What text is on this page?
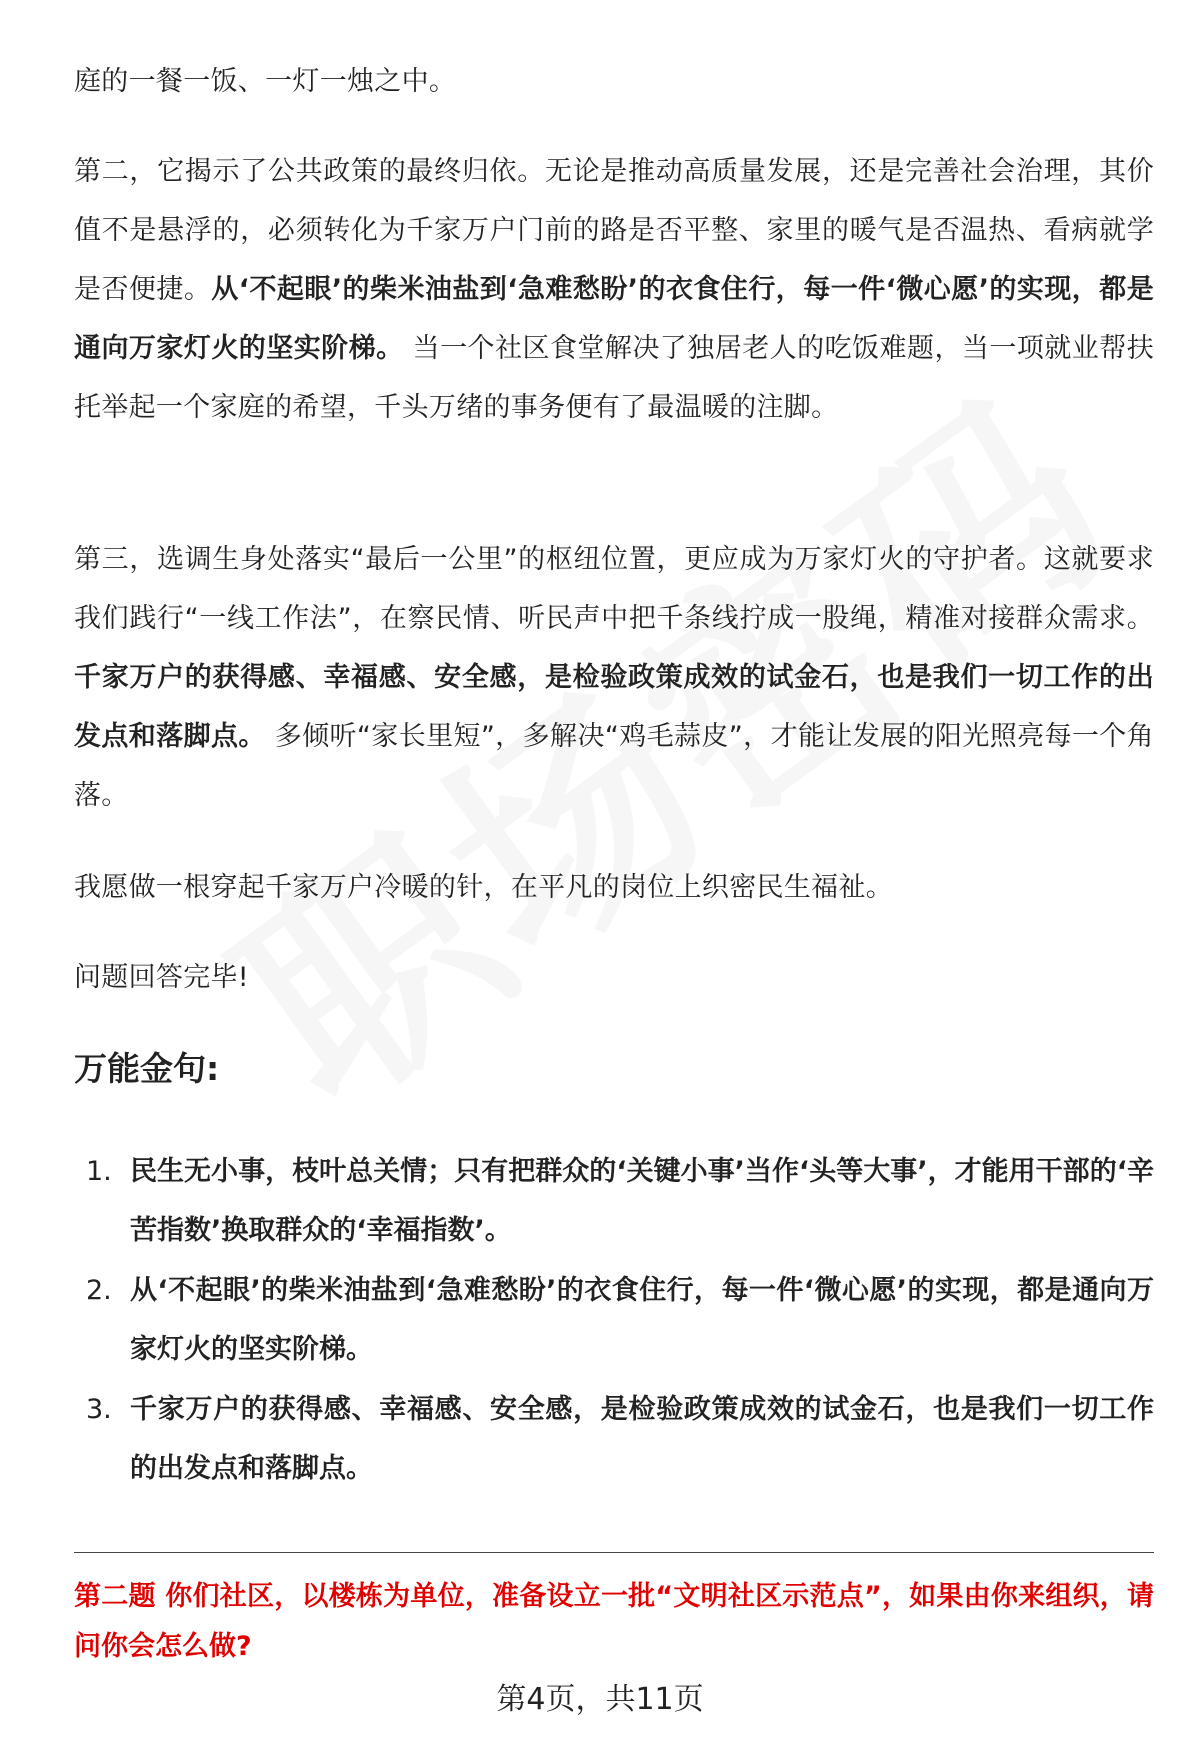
庭的一餐一饭、一灯一烛之中。

第二，它揭示了公共政策的最终归依。无论是推动高质量发展，还是完善社会治理，其价值不是悬浮的，必须转化为千家万户门前的路是否平整、家里的暖气是否温热、看病就学是否便捷。从‘不起眼’的柴米油盐到‘急难愁盼’的衣食住行，每一件‘微心愿’的实现，都是通向万家灯火的坚实阶梯。 当一个社区食堂解决了独居老人的吃饭难题，当一项就业帮扶托举起一个家庭的希望，千头万绪的事务便有了最温暖的注脚。

第三，选调生身处落实“最后一公里”的枢纽位置，更应成为万家灯火的守护者。这就要求我们践行“一线工作法”，在察民情、听民声中把千条线拧成一股绳，精准对接群众需求。千家万户的获得感、幸福感、安全感，是检验政策成效的试金石，也是我们一切工作的出发点和落脚点。 多倾听“家长里短”，多解决“鸡毛蒜皮”，才能让发展的阳光照亮每一个角落。

我愿做一根穿起千家万户冷暖的针，在平凡的岗位上织密民生福祉。

问题回答完毕!

万能金句:
1. 民生无小事，枝叶总关情；只有把群众的‘关键小事’当作‘头等大事’，才能用干部的‘辛苦指数’换取群众的‘幸福指数’。
2. 从‘不起眼’的柴米油盐到‘急难愁盼’的衣食住行，每一件‘微心愿’的实现，都是通向万家灯火的坚实阶梯。
3. 千家万户的获得感、幸福感、安全感，是检验政策成效的试金石，也是我们一切工作的出发点和落脚点。

第二题 你们社区，以楼栋为单位，准备设立一批“文明社区示范点”，如果由你来组织，请问你会怎么做?

第4页，共11页
